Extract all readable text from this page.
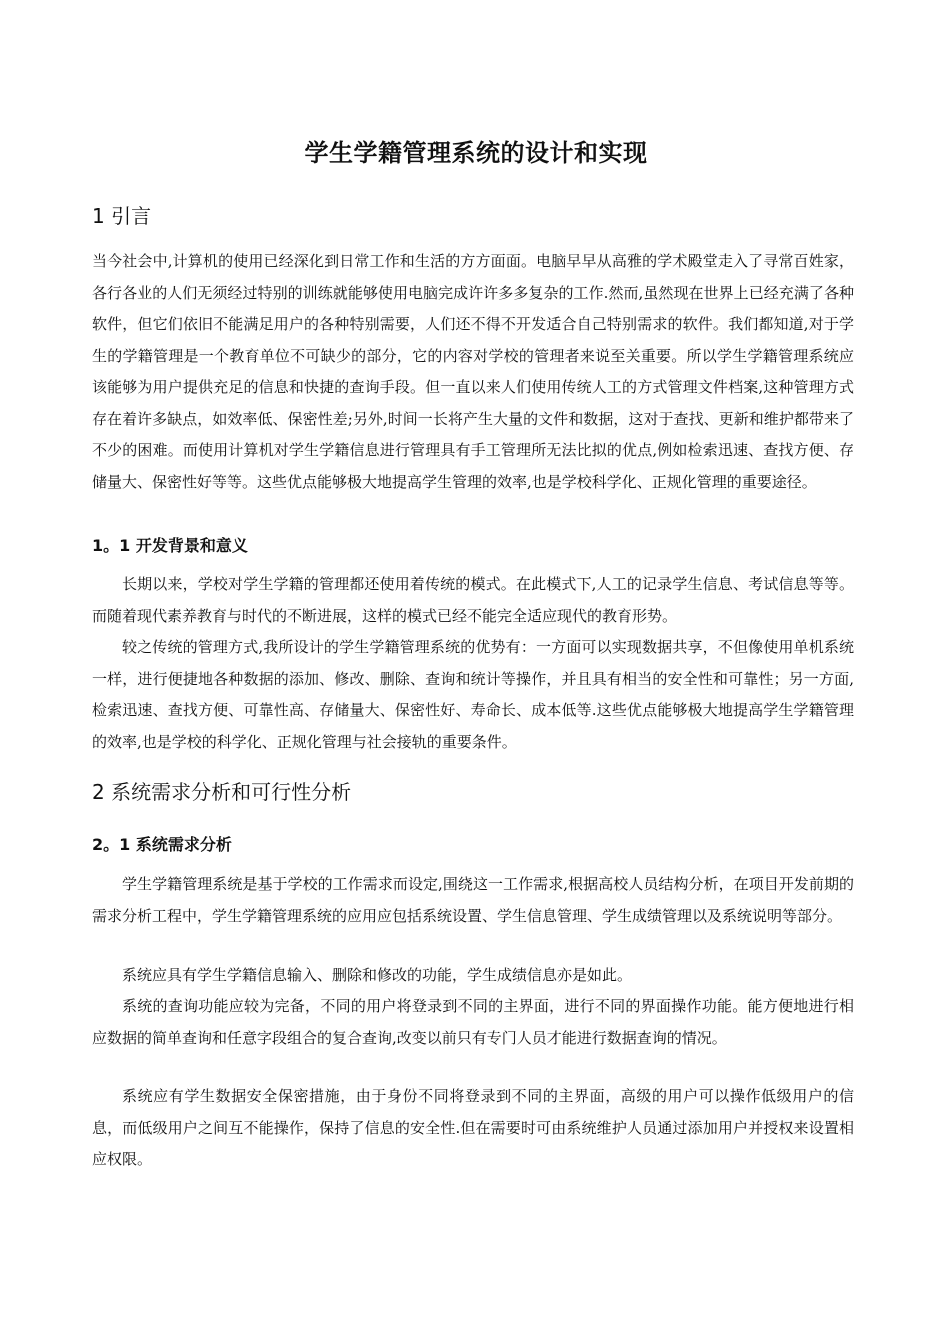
学生学籍管理系统的设计和实现
1 引言

当今社会中,计算机的使用已经深化到日常工作和生活的方方面面。电脑早早从高雅的学术殿堂走入了寻常百姓家，各行各业的人们无须经过特别的训练就能够使用电脑完成许许多多复杂的工作.然而,虽然现在世界上已经充满了各种软件，但它们依旧不能满足用户的各种特别需要，人们还不得不开发适合自己特别需求的软件。我们都知道,对于学生的学籍管理是一个教育单位不可缺少的部分，它的内容对学校的管理者来说至关重要。所以学生学籍管理系统应该能够为用户提供充足的信息和快捷的查询手段。但一直以来人们使用传统人工的方式管理文件档案,这种管理方式存在着许多缺点，如效率低、保密性差;另外,时间一长将产生大量的文件和数据，这对于查找、更新和维护都带来了不少的困难。而使用计算机对学生学籍信息进行管理具有手工管理所无法比拟的优点,例如检索迅速、查找方便、存储量大、保密性好等等。这些优点能够极大地提高学生管理的效率,也是学校科学化、正规化管理的重要途径。

1。1 开发背景和意义

长期以来，学校对学生学籍的管理都还使用着传统的模式。在此模式下,人工的记录学生信息、考试信息等等。而随着现代素养教育与时代的不断进展，这样的模式已经不能完全适应现代的教育形势。

较之传统的管理方式,我所设计的学生学籍管理系统的优势有：一方面可以实现数据共享，不但像使用单机系统一样，进行便捷地各种数据的添加、修改、删除、查询和统计等操作，并且具有相当的安全性和可靠性；另一方面,检索迅速、查找方便、可靠性高、存储量大、保密性好、寿命长、成本低等.这些优点能够极大地提高学生学籍管理的效率,也是学校的科学化、正规化管理与社会接轨的重要条件。

2 系统需求分析和可行性分析
2。1 系统需求分析

学生学籍管理系统是基于学校的工作需求而设定,围绕这一工作需求,根据高校人员结构分析，在项目开发前期的需求分析工程中，学生学籍管理系统的应用应包括系统设置、学生信息管理、学生成绩管理以及系统说明等部分。

系统应具有学生学籍信息输入、删除和修改的功能，学生成绩信息亦是如此。

系统的查询功能应较为完备，不同的用户将登录到不同的主界面，进行不同的界面操作功能。能方便地进行相应数据的简单查询和任意字段组合的复合查询,改变以前只有专门人员才能进行数据查询的情况。

系统应有学生数据安全保密措施，由于身份不同将登录到不同的主界面，高级的用户可以操作低级用户的信息，而低级用户之间互不能操作，保持了信息的安全性.但在需要时可由系统维护人员通过添加用户并授权来设置相应权限。
